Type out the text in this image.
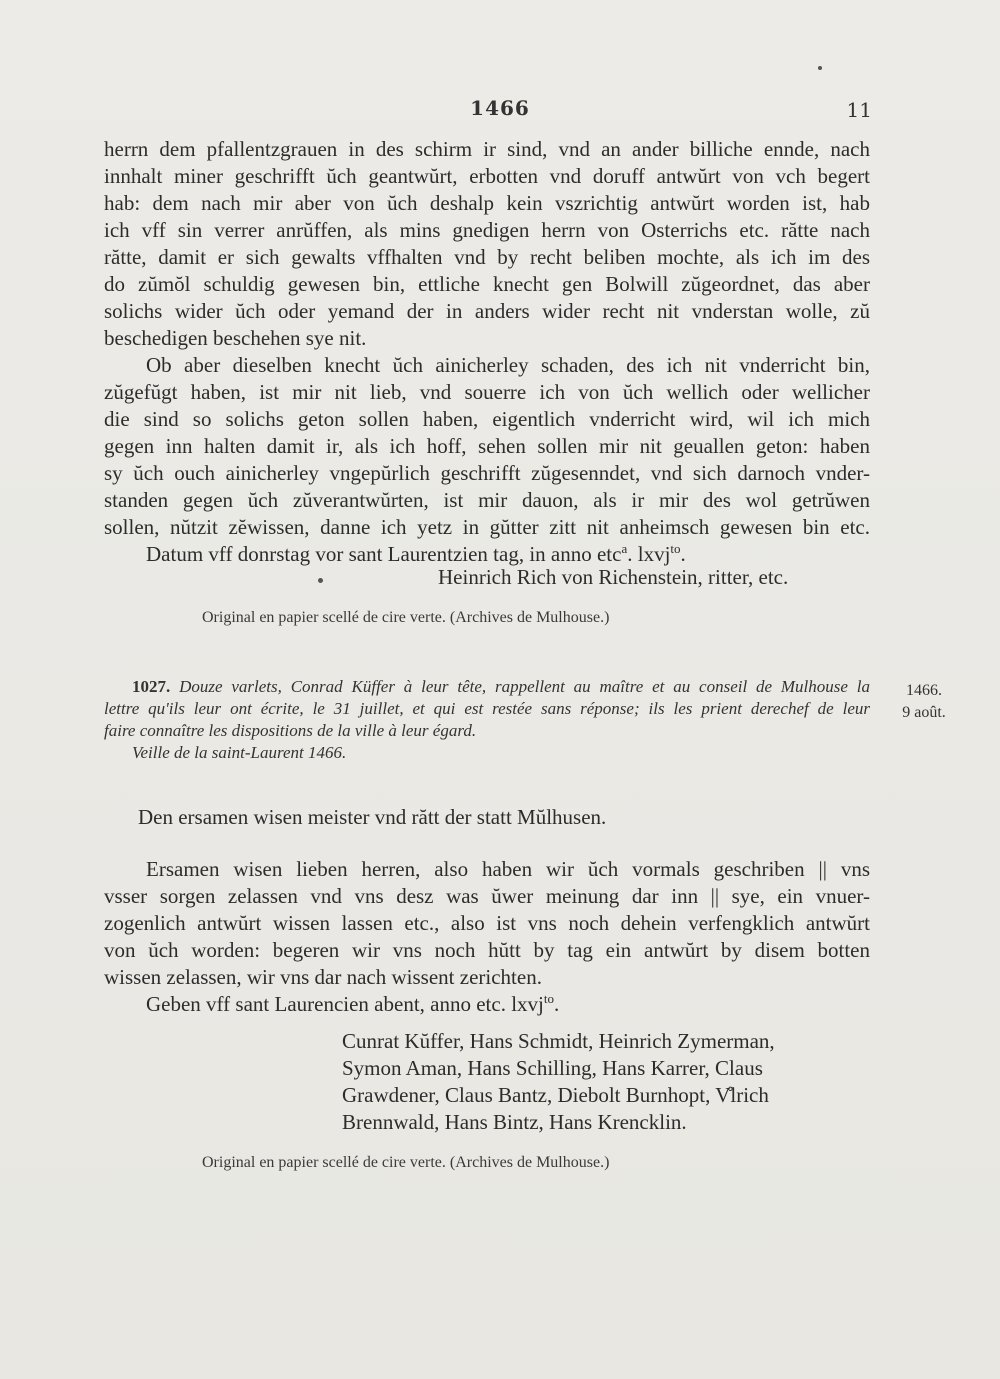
1466	11
herrn dem pfallentzgrauen in des schirm ir sind, vnd an ander billiche ennde, nach
innhalt miner geschrifft ŭch geantwŭrt, erbotten vnd doruff antwŭrt von vch begert
hab: dem nach mir aber von ŭch deshalp kein vszrichtig antwŭrt worden ist, hab
ich vff sin verrer anrŭffen, als mins gnedigen herrn von Osterrichs etc. rătte nach
rătte, damit er sich gewalts vffhalten vnd by recht beliben mochte, als ich im des
do zŭmŏl schuldig gewesen bin, ettliche knecht gen Bolwill zŭgeordnet, das aber
solichs wider ŭch oder yemand der in anders wider recht nit vnderstan wolle, zŭ
beschedigen beschehen sye nit.
Ob aber dieselben knecht ŭch ainicherley schaden, des ich nit vnderricht bin,
zŭgefŭgt haben, ist mir nit lieb, vnd souerre ich von ŭch wellich oder wellicher
die sind so solichs geton sollen haben, eigentlich vnderricht wird, wil ich mich
gegen inn halten damit ir, als ich hoff, sehen sollen mir nit geuallen geton: haben
sy ŭch ouch ainicherley vngepŭrlich geschrifft zŭgesenndet, vnd sich darnoch vnder-
standen gegen ŭch zŭverantwŭrten, ist mir dauon, als ir mir des wol getrŭwen
sollen, nŭtzit zĕwissen, danne ich yetz in gŭtter zitt nit anheimsch gewesen bin etc.
Datum vff donrstag vor sant Laurentzien tag, in anno etc$^a$. lxvj$^{to}$.
Heinrich Rich von Richenstein, ritter, etc.
Original en papier scellé de cire verte. (Archives de Mulhouse.)
1027. Douze varlets, Conrad Küffer à leur tête, rappellent au maître et au conseil de Mulhouse la
lettre qu'ils leur ont écrite, le 31 juillet, et qui est restée sans réponse; ils les prient derechef de leur
faire connaître les dispositions de la ville à leur égard.
Veille de la saint-Laurent 1466.
1466.
9 août.
Den ersamen wisen meister vnd rătt der statt Mŭlhusen.
Ersamen wisen lieben herren, also haben wir ŭch vormals geschriben || vns
vsser sorgen zelassen vnd vns desz was ŭwer meinung dar inn || sye, ein vnuer-
zogenlich antwŭrt wissen lassen etc., also ist vns noch dehein verfengklich antwŭrt
von ŭch worden: begeren wir vns noch hŭtt by tag ein antwŭrt by disem botten
wissen zelassen, wir vns dar nach wissent zerichten.
Geben vff sant Laurencien abent, anno etc. lxvj$^{to}$.
Cunrat Kŭffer, Hans Schmidt, Heinrich Zymerman,
Symon Aman, Hans Schilling, Hans Karrer, Claus
Grawdener, Claus Bantz, Diebolt Burnhopt, V̊lrich
Brennwald, Hans Bintz, Hans Krencklin.
Original en papier scellé de cire verte. (Archives de Mulhouse.)
